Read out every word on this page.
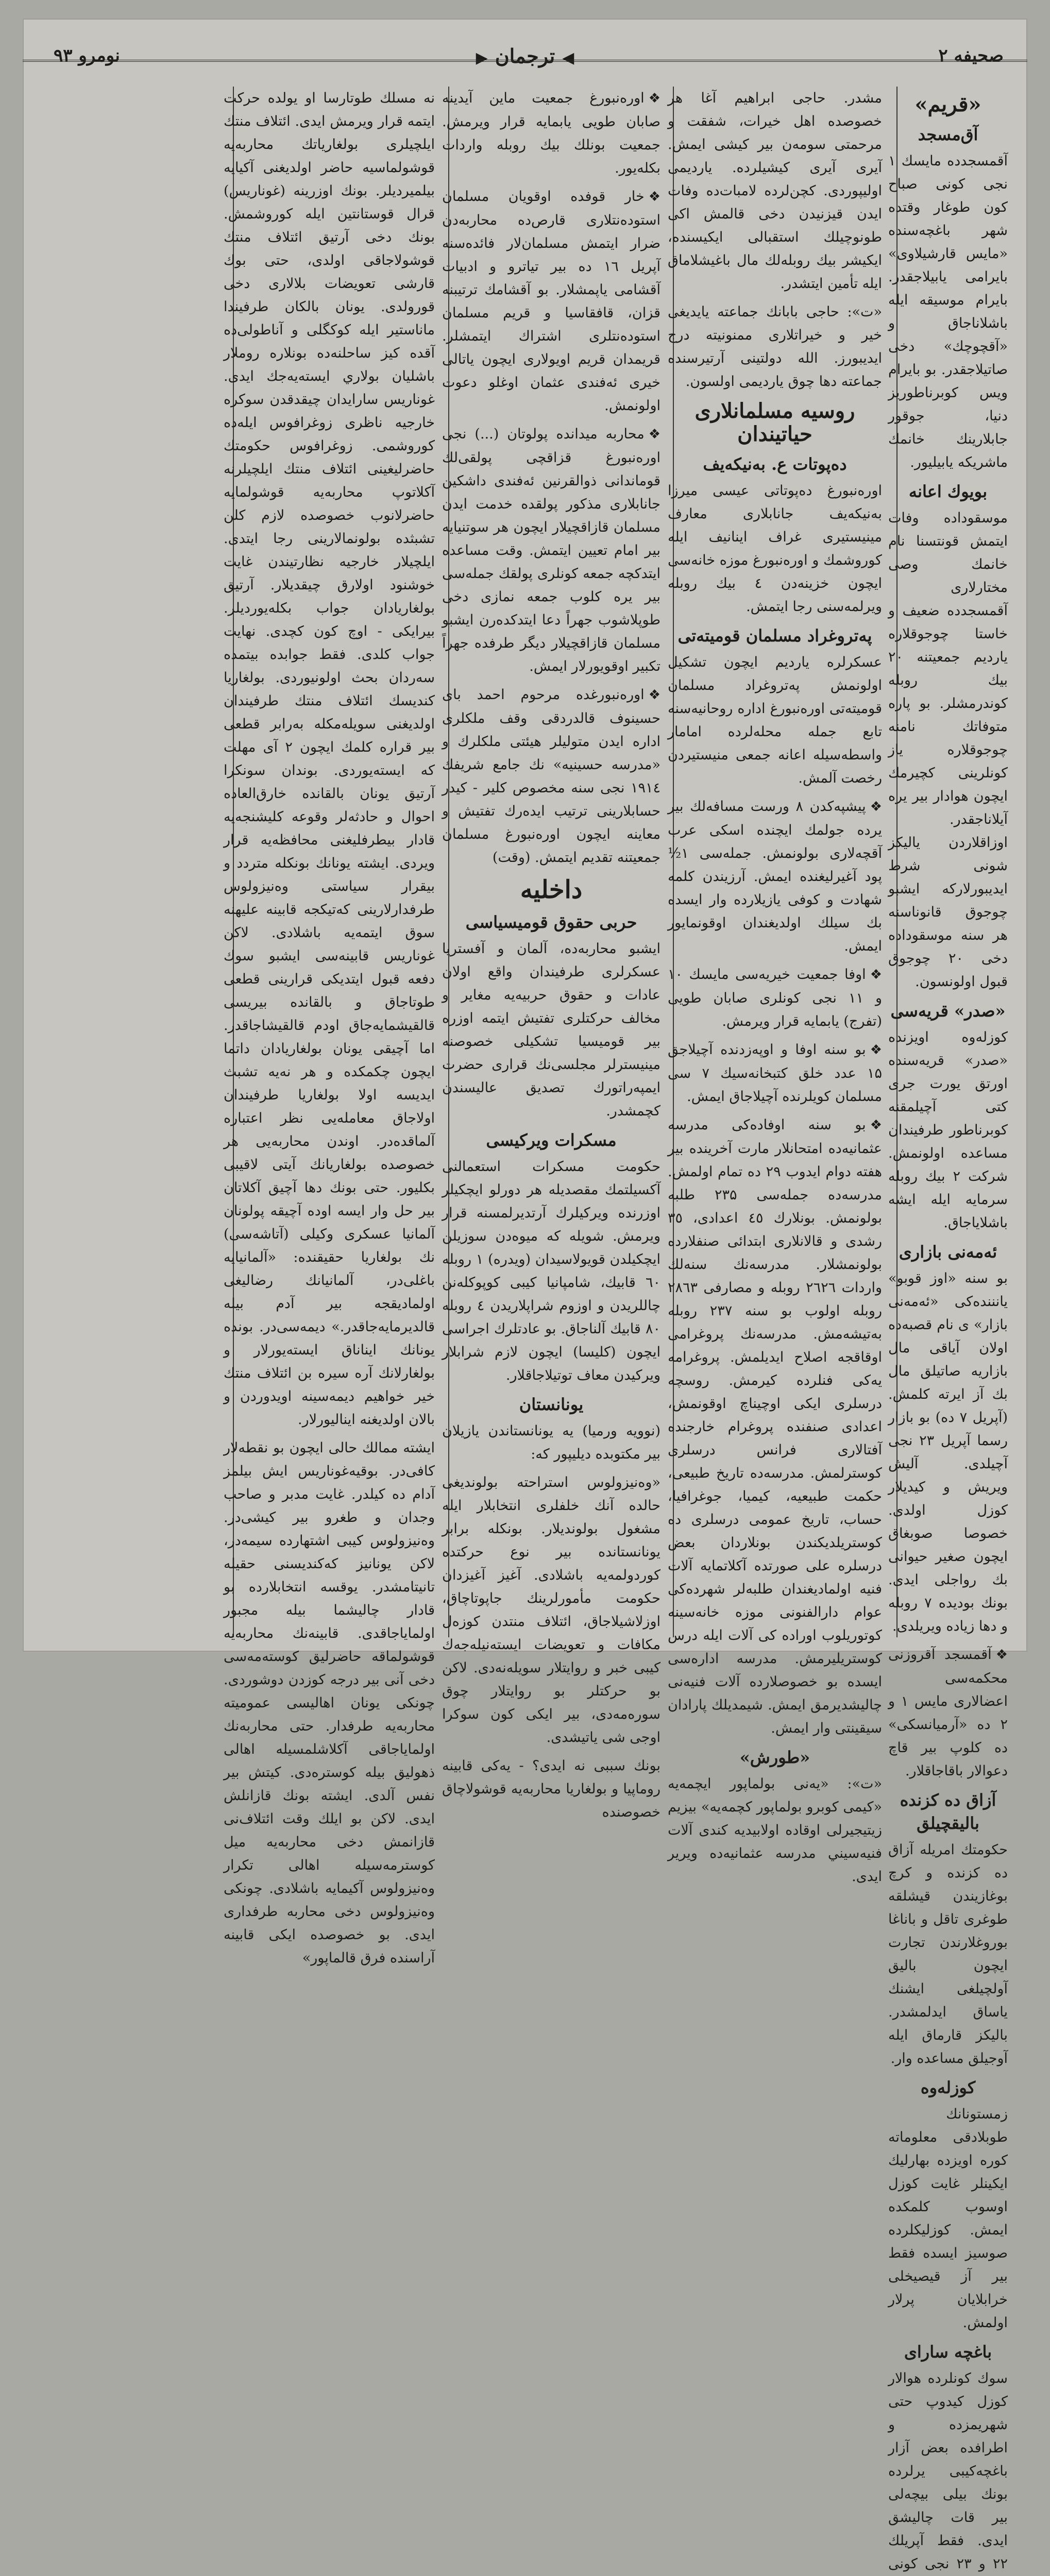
صحيفه ۲
◀ترجمان▶
نومرو ۹۳
«قريم»
آق‌مسجد

آقمسجدده مايسك ۱ نجى كونى صباح كون طوغار وقتده شهر باغچه‌سنده «مايس قارشيلاوى» بايرامى يابيلاجقدر. بايرام موسيقه ايله باشلاناجاق و «آقچوچك» دخى صاتيلاجقدر. بو بايرام ويس كوبرناطوريز دنيا، جوقور جابلارينك خانمك ماشريكه يابيليور.

بويوك اعانه

موسقوداده وفات ايتمش قونتسنا نام خانمك وصى مختارلارى آقمسجدده ضعيف و خاستا چوجوقلاره يارديم جمعيتنه ۲۰ بيك روبله كوندرمشلر. بو پاره متوفاتك نامنه چوجوقلاره ياز كونلرينى كچيرمك ايچون هوادار بير يره آيلاناجقدر. اوزاقلاردن ياليكز شونى شرط ايديبورلاركه ايشبو چوجوق قانوناسنه هر سنه موسقوداده دخى ۲۰ چوجوق قبول اولونسون.

«صدر» قريه‌سى

كوزله‌وه اويزنده «صدر» قريه‌سنده اورتق يورت جرى كتى آچيلمقنه كوبرناطور طرفيندان مساعده اولونمش. شركت ۲ بيك روبله سرمايه ايله ايشه باشلاياجاق.

ئه‌مه‌نى بازارى

بو سنه «اوز قوبو» يانننده‌كى «ئه‌مه‌نى بازار» ى نام قصبه‌ده اولان آياقى مال بازاريه صاتيلق مال بك آز ايرته كلمش. (آپريل ۷ ده) بو بازار رسما آپريل ۲۳ نجى آچيلدى. آليش ويريش و كيديلار كوزل اولدى. خصوصا صوبغاق ايچون صغير حيوانى بك رواجلى ايدى. بونك بوديده ۷ روبله و دها زياده ويريلدى.

❖آقمسجد آقروزنى محكمه‌سى اعضالارى مايس ۱ و ۲ ده «آرميانسكى» ده كلوپ بير قاچ دعوالار باقاجاقلار.

آزاق ده كزنده باليقچيلق

حكومتك امريله آزاق ده كزنده و كرچ بوغازيندن قيشلقه طوغرى تاقل و باناغا بوروغلارندن تجارت ايچون باليق آولچيلغى ايشنك ياساق ايدلمشدر. باليكز قارماق ايله آوجيلق مساعده وار.

كوزله‌وه

زمستونانك طوبلادقى معلوماته كوره اويزده بهارليك ايكينلر غايت كوزل اوسوب كلمكده ايمش. كوزليكلرده صوسيز ايسده فقط بير آز قيصيخلى خرابلايان پرلار اولمش.

باغچه ساراى

سوك كونلرده هوالار كوزل كيدوپ حتى شهريمزده و اطرافده بعض آزار باغچه‌كيبى يرلرده بونك بيلى بيچه‌لى بير قات چاليشق ايدى. فقط آپريلك ۲۲ و ۲۳ نجى كونى

مشدر. حاجى ابراهيم آغا هر خصوصده اهل خيرات، شفقت و مرحمتى سومه‌ن بير كيشى ايمش. آيرى آيرى كيشيلرده. يارديمى اوليپوردى. كچن‌لرده لامبات‌ده وفات ايدن قيزنيدن دخى قالمش اكى طونوچيلك استقبالى ايكيسنده، ايكيشر بيك روبله‌لك مال باغيشلاماق ايله تأمين ايتشدر.

«ت»: حاجى بابانك جماعته يايديغى خير و خيراتلارى ممنونيته درج ايديبورز. الله دولتينى آرتيرسنده جماعته دها چوق يارديمى اولسون.

روسيه مسلمانلارى حياتيندان
دەپوتات ع. بەنيكەيف

اورەنبورغ دەپوتاتى عيسى ميرزا بەنيكەيف جانابلارى معارف مينيستيرى غراف اينانيف ايله كوروشمك و اورەنبورغ موزه خانه‌سى ايچون خزينه‌دن ٤ بيك روبله ويرلمه‌سنى رجا ايتمش.

پەتروغراد مسلمان قوميته‌تى

عسكرلره يارديم ايچون تشكيل اولونمش پەتروغراد مسلمان قوميته‌تى اورەنبورغ ادارە روحانيه‌سنه تابع جمله محله‌لرده امامار واسطه‌سيله اعانه جمعى منيستيردن رخصت آلمش.

❖پيشپەكدن ۸ ورست مسافه‌لك بير يرده جولمك ايچنده اسكى عرب آقچه‌لارى بولونمش. جمله‌سى ۱½ پود آغيرليغنده ايمش. آرزيندن كلمه شهادت و كوفى يازيلارده وار ايسده بك سيلك اولديغندان اوقونمايور ايمش.

❖اوفا جمعيت خيريه‌سى مايسك ۱۰ و ۱۱ نجى كونلرى صابان طويى (تفرج) يابمايه قرار ويرمش.

❖بو سنه اوفا و اوپەزدنده آچيلاجق ۱۵ عدد خلق كتبخانه‌سيك ۷ سى مسلمان كويلرنده آچيلاجاق ايمش.

❖بو سنه اوفاده‌كى مدرسه عثمانيه‌ده امتحانلار مارت آخرينده بير هفته دوام ايدوب ۲۹ ده تمام اولمش. مدرسه‌ده جمله‌سى ۲۳۵ طلبه بولونمش. بونلارك ٤٥ اعدادى، ۳٥ رشدى و قالانلارى ابتدائى صنفلارده بولونمشلار. مدرسه‌نك سنه‌لك واردات ٢٦٢٦ روبله و مصارفى ٢٨٦٣ روبله اولوب بو سنه ٢٣٧ روبله بەتيشه‌مش. مدرسه‌نك پروغرامى اوقاقجه اصلاح ايديلمش. پروغرامه يه‌كى فنلرده كيرمش. روسچه درسلرى ايكى اوچيناچ اوقونمش، اعدادى صنفنده پروغرام خارجنده آفتالارى فرانس درسلرى كوسترلمش. مدرسه‌ده تاريخ طبيعى، حكمت طبيعيه، كيميا، جوغرافيا، حساب، تاريخ عمومى درسلرى ده كوستريلديكندن بونلاردان بعض درسلره على صورتده آكلاتمايه آلات فنيه اولماديغندان طلبه‌لر شهرده‌كى عوام دارالفنونى موزه خانه‌سينه كوتوريلوب اوراده كى آلات ايله درس كوستريليرمش. مدرسه ادارەسى ايسده بو خصوصلارده آلات فنيه‌نى چاليشديرمق ايمش. شيمديلك پارادان سيقينتى وار ايمش.

«طورش»

«ت»: «يەنى بولماپور ايچمه‌يه «كيمى كوبرو بولماپور كچمه‌يه» بيزيم زيتيجيرلى اوقاده اولابيديه كندى آلات فنيه‌سيني مدرسه عثمانيه‌ده ويرير ايدى.

❖اورەنبورغ جمعيت ماين آيدينه صابان طويى يابمايه قرار ويرمش. جمعيت بونلك بيك روبله واردات بكله‌يور.

❖خار قوفده اوقويان مسلمان استوده‌نتلارى قارص‌ده محاربه‌دن ضرار ايتمش مسلمان‌لار فائده‌سنه آپريل ١٦ ده بير تياترو و ادبيات آقشامى ياپمشلار. بو آقشامك ترتيبنه قزان، قافقاسيا و قريم مسلمان استوده‌نتلرى اشتراك ايتمشلر. قريمدان قريم اويولارى ايچون ياتالى خيرى ئه‌فندى عثمان اوغلو دعوت اولونمش.

❖محاربه ميدانده پولوتان (...) نجى اورەنبورغ قزاقچى پولقى‌لك قوماندانى ذوالقرنين ئه‌فندى داشكين جانابلارى مذكور پولقده خدمت ايدن مسلمان قازاقچيلار ايچون هر سوتنيايه بير امام تعيين ايتمش. وقت مساعده ايتدكچه جمعه كونلرى پولقك جملەسى بير يره كلوب جمعه نمازى دخى طوپلاشوب جهراً دعا ايتدكده‌رن ايشبو مسلمان قازاقچيلار ديگر طرفده جهراً تكبير اوقويورلار ايمش.

❖اورەنبورغده مرحوم احمد باى حسينوف قالدردقى وقف ملكلرى ادارە ايدن متوليلر هيئتى ملكلرك و «مدرسه حسينيه» نك جامع شريفك ١٩١٤ نجى سنه مخصوص كلير - كيدر حسابلارينى ترتيب ايده‌رك تفتيش و معاينه ايچون اورەنبورغ مسلمان جمعيتنه تقديم ايتمش. (وقت)

داخليه
حربى حقوق قوميسياسى

ايشبو محاربه‌ده، آلمان و آفستريا عسكرلرى طرفيندان واقع اولان عادات و حقوق حربيه‌يه مغاير و مخالف حركتلرى تفتيش ايتمه اوزره بير قوميسيا تشكيلى خصوصنه مينيسترلر مجلسى‌نك قرارى حضرت ايمپەراتورك تصديق عاليسندن كچمشدر.

مسكرات ويركيسى

حكومت مسكرات استعمالنى آكسيلتمك مقصديله هر دورلو ايچكيلر اوزرنده ويركيلرك آرتديرلمسنه قرار ويرمش. شويله كه ميوه‌دن سوزيلن ايچكيلدن قويولاسيدان (ويدره) ۱ روبله ٦٠ قابيك، شامپانيا كيبى كوپوكله‌نن چاللريدن و اوزوم شراپلاريدن ٤ روبله ٨٠ قابيك آلناجاق. بو عادتلرك اجراسى ايچون (كليسا) ايچون لازم شرابلار ويركيدن معاف توتيلاجاقلار.

يونانستان

(نوويه ورميا) يه يونانستاندن يازيلان بير مكتوبده ديليپور كه:

«وەنيزولوس استراحته بولونديغى حالده آنك خلفلرى انتخابلار ايله مشغول بولونديلار. بونكله برابر يونانستانده بير نوع حركتده كوردولمه‌يه باشلادى. آغيز آغيزدان حكومت مأمورلرينك جاپوتاچاق، اوزلاشيلاجاق، ائتلاف منتدن كوزەل مكافات و تعويضات ايستەنيله‌جه‌ك كيبى خبر و روايتلار سويله‌نەدى. لاكن بو حركتلر بو روايتلار چوق سوره‌مەدى، بير ايكى كون سوكرا اوجى شى ياتيشدى.

بونك سببى نه ايدى؟ - يه‌كى قابينه روماپيا و بولغاريا محاربه‌يه قوشولاچاق خصوصنده

نه مسلك طوتارسا او يولده حركت ايتمه قرار ويرمش ايدى. ائتلاف منتك ايلچيلرى بولغارياتك محاربه‌يه قوشولماسيه حاضر اولديغنى آكيايه بيلميرديلر. بونك اوزرينه (غوناريس) قرال قوستانتين ايله كوروشمش. بونك دخى آرتيق ائتلاف منتك قوشولاجاقى اولدى، حتى بوك قارشى تعويضات بلالارى دخى قورولدى. يونان بالكان طرفيندا ماناستير ايله كوكگلى و آناطولى‌ده آقده كيز ساحلنه‌ده بونلاره روملار باشليان بولاري ايسته‌يه‌جك ايدى. غوناريس سارايدان چيقدقدن سوكره خارجيه ناظرى زوغرافوس ايله‌ده كوروشمى. زوغرافوس حكومتك حاضرليغينى ائتلاف منتك ايلچيلرنه آكلاتوپ محاربه‌يه قوشولما‌يه حاضرلانوب خصوصده لازم كلن تشبثده بولونمالارينى رجا ايتدى. ايلچيلار خارجيه نظارتيندن غايت خوشنود اولارق چيقديلار. آرتيق بولغاريادان جواب بكله‌يورديلر. بيرايكى - اوچ كون كچدى. نهايت جواب كلدى. فقط جوابده بيتمده سەردان بحث اولونيوردى. بولغاريا كنديسك ائتلاف منتك طرفيندان اولديغنى سويلەمكله بەرابر قطعى بير قراره كلمك ايچون ۲ آى مهلت كه ايسته‌يوردى. بوندان سونكرا آرتيق يونان بالقانده خارق‌العاده احوال و حادثه‌لر وقوعه كليشنجه‌يه قادار بيطرفليغنى محافظه‌يه قرار ويردى. ايشته يونانك بونكله متردد و بيقرار سياستى وەنيزولوس طرفدارلارينى كەتيكجه قابينه عليهنه سوق ايتمه‌يه باشلادى. لاكن غوناريس قابينه‌سى ايشبو سوك دفعه قبول ايتديكى قرارينى قطعى طوتاجاق و بالقانده بيريسى قالقيشمايه‌جاق اودم قالقيشاجاقدر. اما آچيقى يونان بولغاريادان داتما ايچون چكمكده و هر نەيه تشبث ايديسه اولا بولغاريا طرفيندان اولاجاق معامله‌يى نظر اعتباره آلماقده‌در. اوندن محاربه‌يى هر خصوصده بولغاريانك آيتى لاقيبى بكليور. حتى بونك دها آچيق آكلاتان بير حل وار ايسه اوده آچيقه پولونان آلمانيا عسكرى وكيلى (آتاشه‌سى) نك بولغاريا حقيقنده: «آلمانيا‌يه باغلى‌در، آلمانيانك رضاليغى اولماديقجه بير آدم بيله قالديرمايه‌جاقدر.» ديمه‌سى‌در. بوندە يونانك ايناناق ايسته‌يورلار و بولغارلانك آره سيره بن ائتلاف منتك خير خواهيم ديمه‌سينه اويدوردن و بالان اولديغنه ايناليورلار.

ايشته ممالك حالى ايچون بو نقطەلار كافى‌در. بوقيه‌غوناريس ايش بيلمز آدام ده كيلدر. غايت مدبر و صاحب وجدان و طغرو بير كيشى‌در. وەنيزولوس كيبى اشتهارده سيمه‌در، لاكن يونانيز كەكنديسنى حقيله تانيتامشدر. يوقسه انتخابلارده بو قادار چاليشما بيله مجبور اولماياجاقدى. قابينه‌نك محاربه‌يه قوشولماقه حاضرليق كوسته‌مەسى دخى آنى بير درجه كوزدن دوشوردى. چونكى يونان اهالیسى عموميته محاربه‌يه طرفدار. حتى محاربه‌نك اولماياجاقى آكلاشلمسيله اهالى ذهوليق بيله كوسترەدى. كيتش بير نفس آلدى. ايشته بونك قازانلش ايدى. لاكن بو ايلك وقت ائتلاف‌نى قازانمش دخى محاربه‌يه ميل كوسترمه‌سيله اهالى تكرار وەنيزولوس آكيمايه باشلادى. چونكى وەنيزولوس دخى محاربه طرفدارى ايدى. بو خصوصده ايكى قابينه آراسنده فرق قالماپور»
